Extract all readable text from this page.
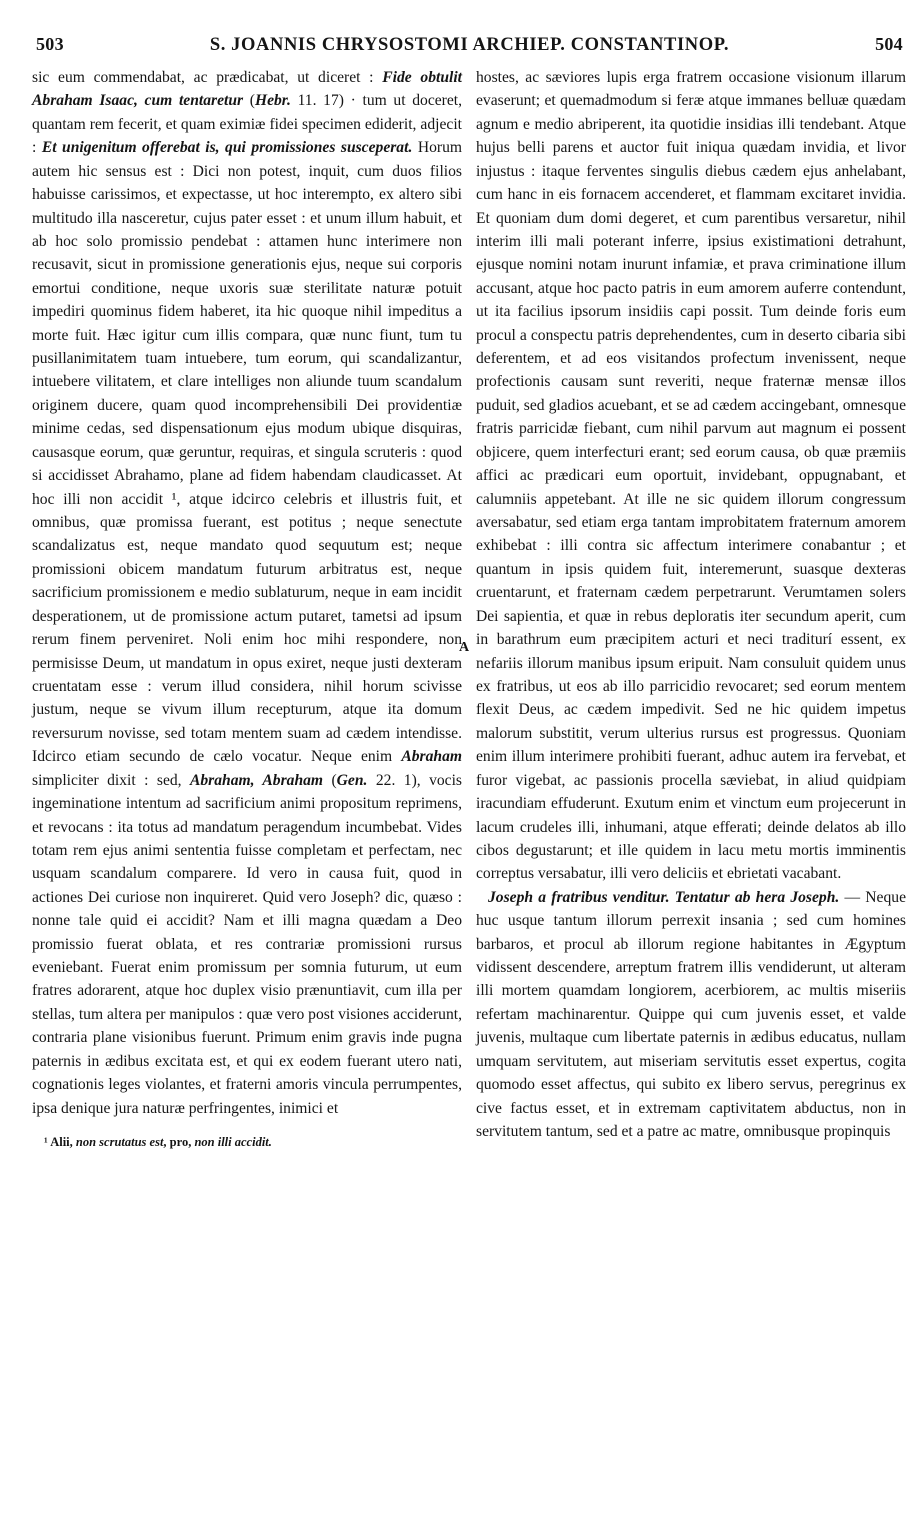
503	S. JOANNIS CHRYSOSTOMI ARCHIEP. CONSTANTINOP.	504

sic eum commendabat, ac prædicabat, ut diceret : Fide obtulit Abraham Isaac, cum tentaretur (Hebr. 11. 17) · tum ut doceret, quantam rem fecerit, et quam eximiæ fidei specimen ediderit, adjecit : Et unigenitum offerebat is, qui promissiones susceperat. Horum autem hic sensus est : Dici non potest, inquit, cum duos filios habuisse carissimos, et expectasse, ut hoc interempto, ex altero sibi multitudo illa nasceretur, cujus pater esset : et unum illum habuit, et ab hoc solo promissio pendebat : attamen hunc interimere non recusavit, sicut in promissione generationis ejus, neque sui corporis emortui conditione, neque uxoris suæ sterilitate naturæ potuit impediri quominus fidem haberet, ita hic quoque nihil impeditus a morte fuit. Hæc igitur cum illis compara, quæ nunc fiunt, tum tu pusillanimitatem tuam intuebere, tum eorum, qui scandalizantur, intuebere vilitatem, et clare intelliges non aliunde tuum scandalum originem ducere, quam quod incomprehensibili Dei providentiæ minime cedas, sed dispensationum ejus modum ubique disquiras, causasque eorum, quæ geruntur, requiras, et singula scruteris : quod si accidisset Abrahamo, plane ad fidem habendam claudicasset. At hoc illi non accidit ¹, atque idcirco celebris et illustris fuit, et omnibus, quæ promissa fuerant, est potitus ; neque senectute scandalizatus est, neque mandato quod sequutum est; neque promissioni obicem mandatum futurum arbitratus est, neque sacrificium promissionem e medio sublaturum, neque in eam incidit desperationem, ut de promissione actum putaret, tametsi ad ipsum rerum finem perveniret. Noli enim hoc mihi respondere, non permisisse Deum, ut mandatum in opus exiret, neque justi dexteram cruentatam esse : verum illud considera, nihil horum scivisse justum, neque se vivum illum recepturum, atque ita domum reversurum novisse, sed totam mentem suam ad cædem intendisse. Idcirco etiam secundo de cælo vocatur. Neque enim Abraham simpliciter dixit : sed, Abraham, Abraham (Gen. 22. 1), vocis ingeminatione intentum ad sacrificium animi propositum reprimens, et revocans : ita totus ad mandatum peragendum incumbebat. Vides totam rem ejus animi sententia fuisse completam et perfectam, nec usquam scandalum comparere. Id vero in causa fuit, quod in actiones Dei curiose non inquireret. Quid vero Joseph? dic, quæso : nonne tale quid ei accidit? Nam et illi magna quædam a Deo promissio fuerat oblata, et res contrariæ promissioni rursus eveniebant. Fuerat enim promissum per somnia futurum, ut eum fratres adorarent, atque hoc duplex visio prænuntiavit, cum illa per stellas, tum altera per manipulos : quæ vero post visiones acciderunt, contraria plane visionibus fuerunt. Primum enim gravis inde pugna paternis in ædibus excitata est, et qui ex eodem fuerant utero nati, cognationis leges violantes, et fraterni amoris vincula perrumpentes, ipsa denique jura naturæ perfringentes, inimici et

¹ Alii, non scrutatus est, pro, non illi accidit.

A

hostes, ac sæviores lupis erga fratrem occasione visionum illarum evaserunt; et quemadmodum si feræ atque immanes belluæ quædam agnum e medio abriperent, ita quotidie insidias illi tendebant. Atque hujus belli parens et auctor fuit iniqua quædam invidia, et livor injustus : itaque ferventes singulis diebus cædem ejus anhelabant, cum hanc in eis fornacem accenderet, et flammam excitaret invidia. Et quoniam dum domi degeret, et cum parentibus versaretur, nihil interim illi mali poterant inferre, ipsius existimationi detrahunt, ejusque nomini notam inurunt infamiæ, et prava criminatione illum accusant, atque hoc pacto patris in eum amorem auferre contendunt, ut ita facilius ipsorum insidiis capi possit. Tum deinde foris eum procul a conspectu patris deprehendentes, cum in deserto cibaria sibi deferentem, et ad eos visitandos profectum invenissent, neque profectionis causam sunt reveriti, neque fraternæ mensæ illos puduit, sed gladios acuebant, et se ad cædem accingebant, omnesque fratris parricidæ fiebant, cum nihil parvum aut magnum ei possent objicere, quem interfecturi erant; sed eorum causa, ob quæ præmiis affici ac prædicari eum oportuit, invidebant, oppugnabant, et calumniis appetebant. At ille ne sic quidem illorum congressum aversabatur, sed etiam erga tantam improbitatem fraternum amorem exhibebat : illi contra sic affectum interimere conabantur ; et quantum in ipsis quidem fuit, interemerunt, suasque dexteras cruentarunt, et fraternam cædem perpetrarunt. Verumtamen solers Dei sapientia, et quæ in rebus deploratis iter secundum aperit, cum in barathrum eum præcipitem acturi et neci traditurí essent, ex nefariis illorum manibus ipsum eripuit. Nam consuluit quidem unus ex fratribus, ut eos ab illo parricidio revocaret; sed eorum mentem flexit Deus, ac cædem impedivit. Sed ne hic quidem impetus malorum substitit, verum ulterius rursus est progressus. Quoniam enim illum interimere prohibiti fuerant, adhuc autem ira fervebat, et furor vigebat, ac passionis procella sæviebat, in aliud quidpiam iracundiam effuderunt. Exutum enim et vinctum eum projecerunt in lacum crudeles illi, inhumani, atque efferati; deinde delatos ab illo cibos degustarunt; et ille quidem in lacu metu mortis imminentis correptus versabatur, illi vero deliciis et ebrietati vacabant.

Joseph a fratribus venditur. Tentatur ab hera Joseph. — Neque huc usque tantum illorum perrexit insania ; sed cum homines barbaros, et procul ab illorum regione habitantes in Ægyptum vidissent descendere, arreptum fratrem illis vendiderunt, ut alteram illi mortem quamdam longiorem, acerbiorem, ac multis miseriis refertam machinarentur. Quippe qui cum juvenis esset, et valde juvenis, multaque cum libertate paternis in ædibus educatus, nullam umquam servitutem, aut miseriam servitutis esset expertus, cogita quomodo esset affectus, qui subito ex libero servus, peregrinus ex cive factus esset, et in extremam captivitatem abductus, non in servitutem tantum, sed et a patre ac matre, omnibusque propinquis
